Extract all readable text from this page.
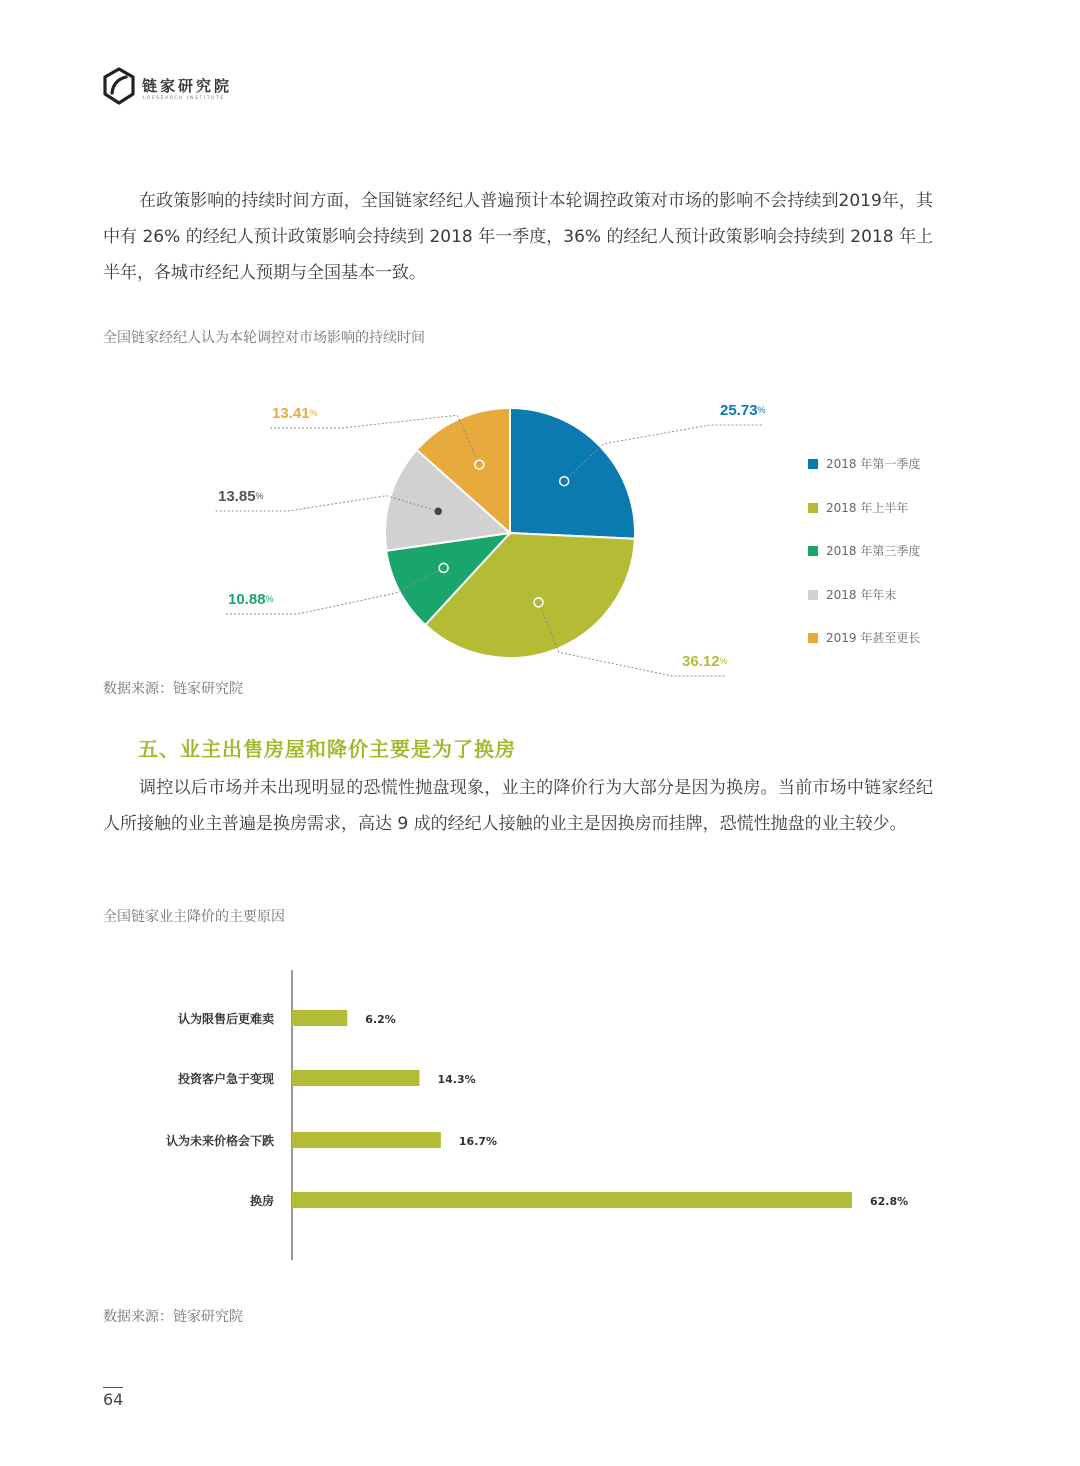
链家研究院
LRESEARCH INSTITUTE

在政策影响的持续时间方面，全国链家经纪人普遍预计本轮调控政策对市场的影响不会持续到2019年，其中有 26% 的经纪人预计政策影响会持续到 2018 年一季度，36% 的经纪人预计政策影响会持续到 2018 年上半年，各城市经纪人预期与全国基本一致。

全国链家经纪人认为本轮调控对市场影响的持续时间
25.73%
36.12%
10.88%
13.85%
13.41%
2018 年第一季度
2018 年上半年
2018 年第三季度
2018 年年末
2019 年甚至更长
数据来源：链家研究院
五、业主出售房屋和降价主要是为了换房

调控以后市场并未出现明显的恐慌性抛盘现象，业主的降价行为大部分是因为换房。当前市场中链家经纪人所接触的业主普遍是换房需求，高达 9 成的经纪人接触的业主是因换房而挂牌，恐慌性抛盘的业主较少。

全国链家业主降价的主要原因
认为限售后更难卖	6.2%
投资客户急于变现	14.3%
认为未来价格会下跌	16.7%
换房	62.8%
数据来源：链家研究院
64
